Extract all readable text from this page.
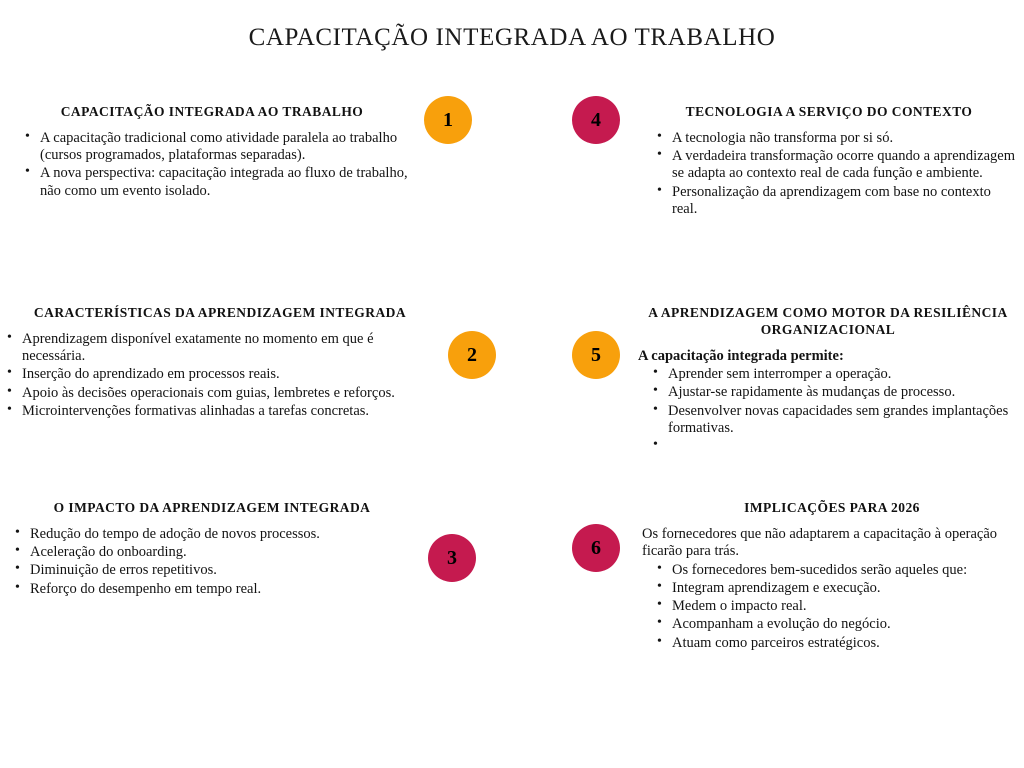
CAPACITAÇÃO INTEGRADA AO TRABALHO
CAPACITAÇÃO INTEGRADA AO TRABALHO
• A capacitação tradicional como atividade paralela ao trabalho (cursos programados, plataformas separadas).
• A nova perspectiva: capacitação integrada ao fluxo de trabalho, não como um evento isolado.
1	4	TECNOLOGIA A SERVIÇO DO CONTEXTO
• A tecnologia não transforma por si só.
• A verdadeira transformação ocorre quando a aprendizagem se adapta ao contexto real de cada função e ambiente.
• Personalização da aprendizagem com base no contexto real.
CARACTERÍSTICAS DA APRENDIZAGEM INTEGRADA
• Aprendizagem disponível exatamente no momento em que é necessária.
• Inserção do aprendizado em processos reais.
• Apoio às decisões operacionais com guias, lembretes e reforços.
• Microintervenções formativas alinhadas a tarefas concretas.
2	5
A APRENDIZAGEM COMO MOTOR DA RESILIÊNCIA ORGANIZACIONAL
A capacitação integrada permite:
• Aprender sem interromper a operação.
• Ajustar-se rapidamente às mudanças de processo.
• Desenvolver novas capacidades sem grandes implantações formativas.
•
O IMPACTO DA APRENDIZAGEM INTEGRADA
• Redução do tempo de adoção de novos processos.
• Aceleração do onboarding.
• Diminuição de erros repetitivos.
• Reforço do desempenho em tempo real.
3	6
IMPLICAÇÕES PARA 2026
Os fornecedores que não adaptarem a capacitação à operação ficarão para trás.
• Os fornecedores bem-sucedidos serão aqueles que:
• Integram aprendizagem e execução.
• Medem o impacto real.
• Acompanham a evolução do negócio.
• Atuam como parceiros estratégicos.
